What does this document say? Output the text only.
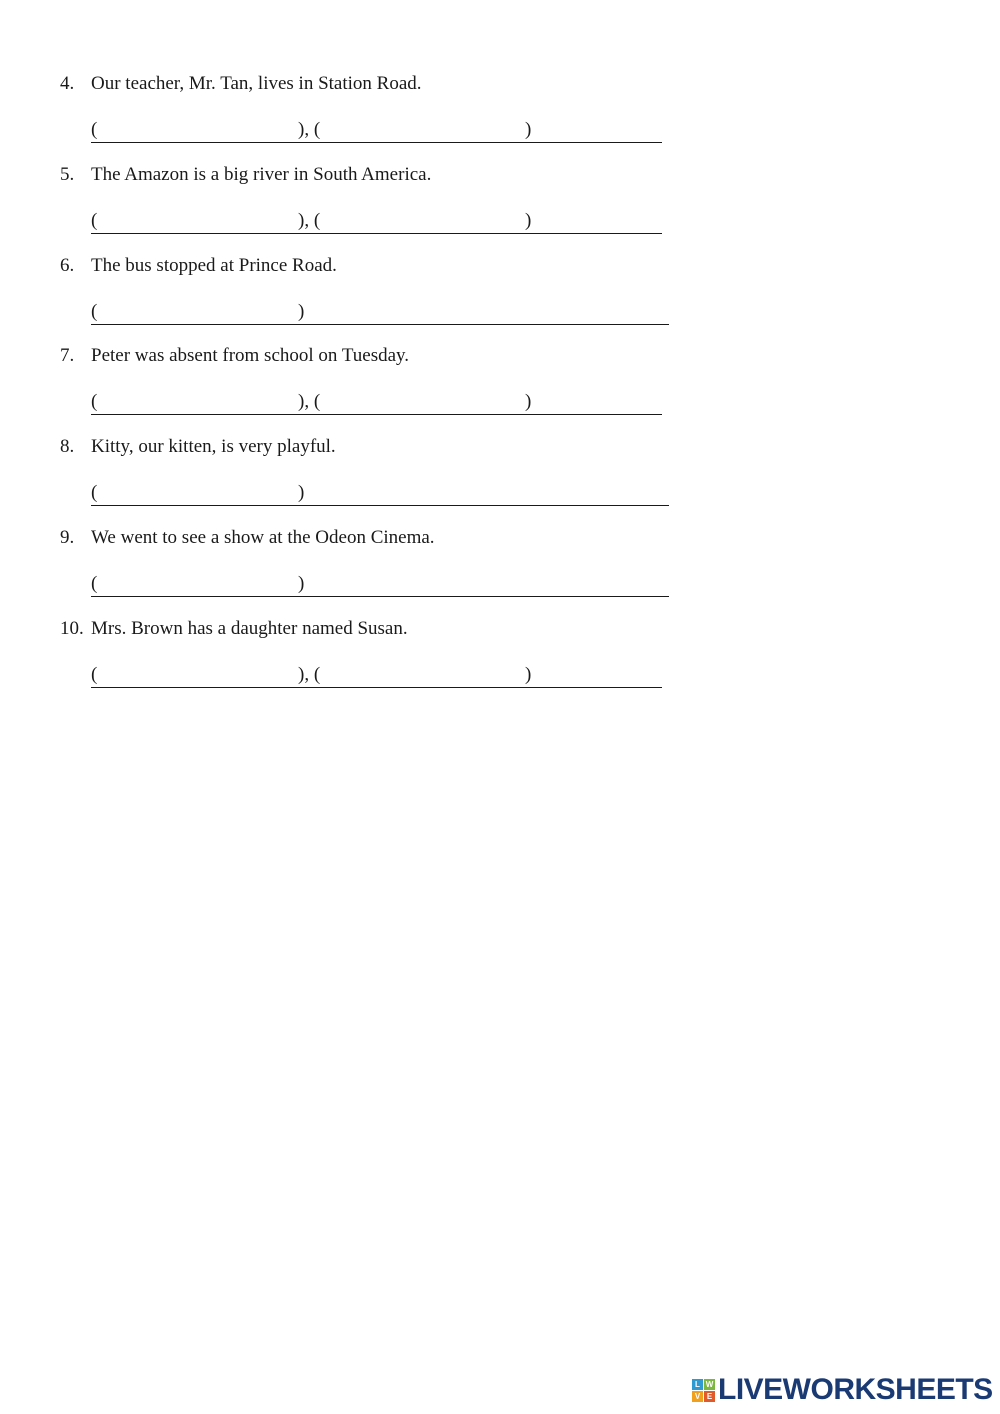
4. Our teacher, Mr. Tan, lives in Station Road.
(	), (	)
5. The Amazon is a big river in South America.
(	), (	)
6. The bus stopped at Prince Road.
(	)
7. Peter was absent from school on Tuesday.
(	), (	)
8. Kitty, our kitten, is very playful.
(	)
9. We went to see a show at the Odeon Cinema.
(	)
10. Mrs. Brown has a daughter named Susan.
(	), (	)
L W
V E LIVEWORKSHEETS
